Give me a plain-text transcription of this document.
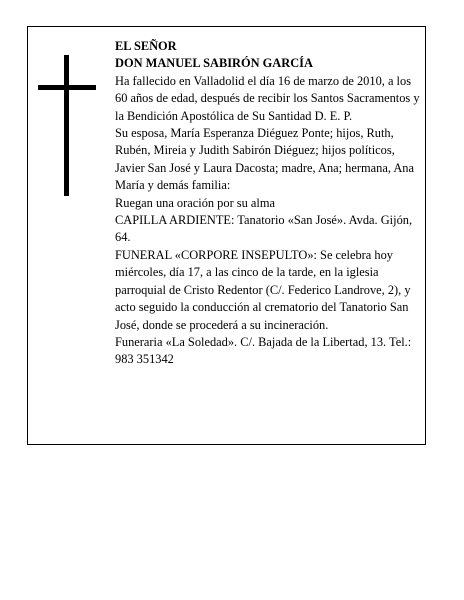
EL SEÑOR

DON MANUEL SABIRÓN GARCÍA

Ha fallecido en Valladolid el día 16 de marzo de 2010, a los 60 años de edad, después de recibir los Santos Sacramentos y la Bendición Apostólica de Su Santidad D. E. P.

Su esposa, María Esperanza Diéguez Ponte; hijos, Ruth, Rubén, Mireia y Judith Sabirón Diéguez; hijos políticos, Javier San José y Laura Dacosta; madre, Ana; hermana, Ana María y demás familia:

Ruegan una oración por su alma

CAPILLA ARDIENTE: Tanatorio «San José». Avda. Gijón, 64.

FUNERAL «CORPORE INSEPULTO»: Se celebra hoy miércoles, día 17, a las cinco de la tarde, en la iglesia parroquial de Cristo Redentor (C/. Federico Landrove, 2), y acto seguido la conducción al crematorio del Tanatorio San José, donde se procederá a su incineración.

Funeraria «La Soledad». C/. Bajada de la Libertad, 13. Tel.: 983 351342
